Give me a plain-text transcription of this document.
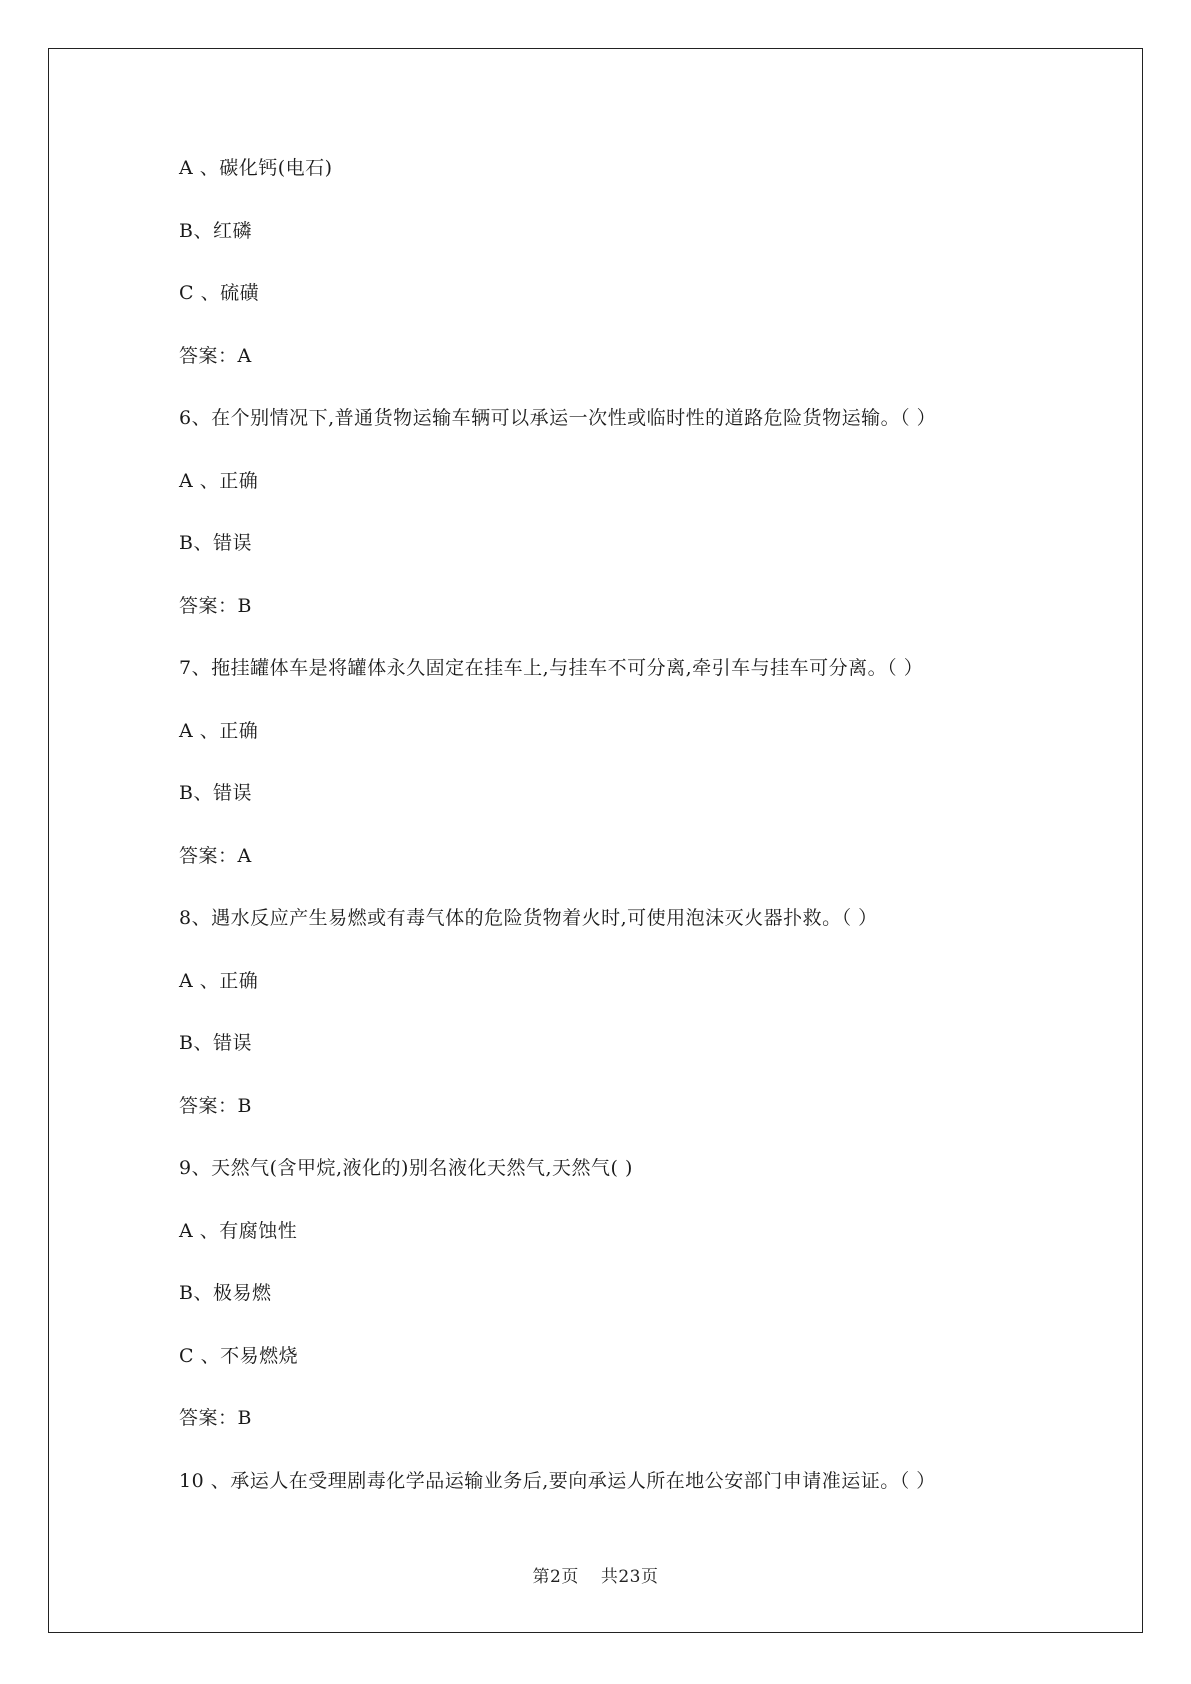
A 、碳化钙(电石)
B、红磷
C 、硫磺
答案：A
6、在个别情况下,普通货物运输车辆可以承运一次性或临时性的道路危险货物运输。（ ）
A 、正确
B、错误
答案：B
7、拖挂罐体车是将罐体永久固定在挂车上,与挂车不可分离,牵引车与挂车可分离。（ ）
A 、正确
B、错误
答案：A
8、遇水反应产生易燃或有毒气体的危险货物着火时,可使用泡沫灭火器扑救。（ ）
A 、正确
B、错误
答案：B
9、天然气(含甲烷,液化的)别名液化天然气,天然气( )
A 、有腐蚀性
B、极易燃
C 、不易燃烧
答案：B
10 、承运人在受理剧毒化学品运输业务后,要向承运人所在地公安部门申请准运证。（ ）
第2页 共23页
